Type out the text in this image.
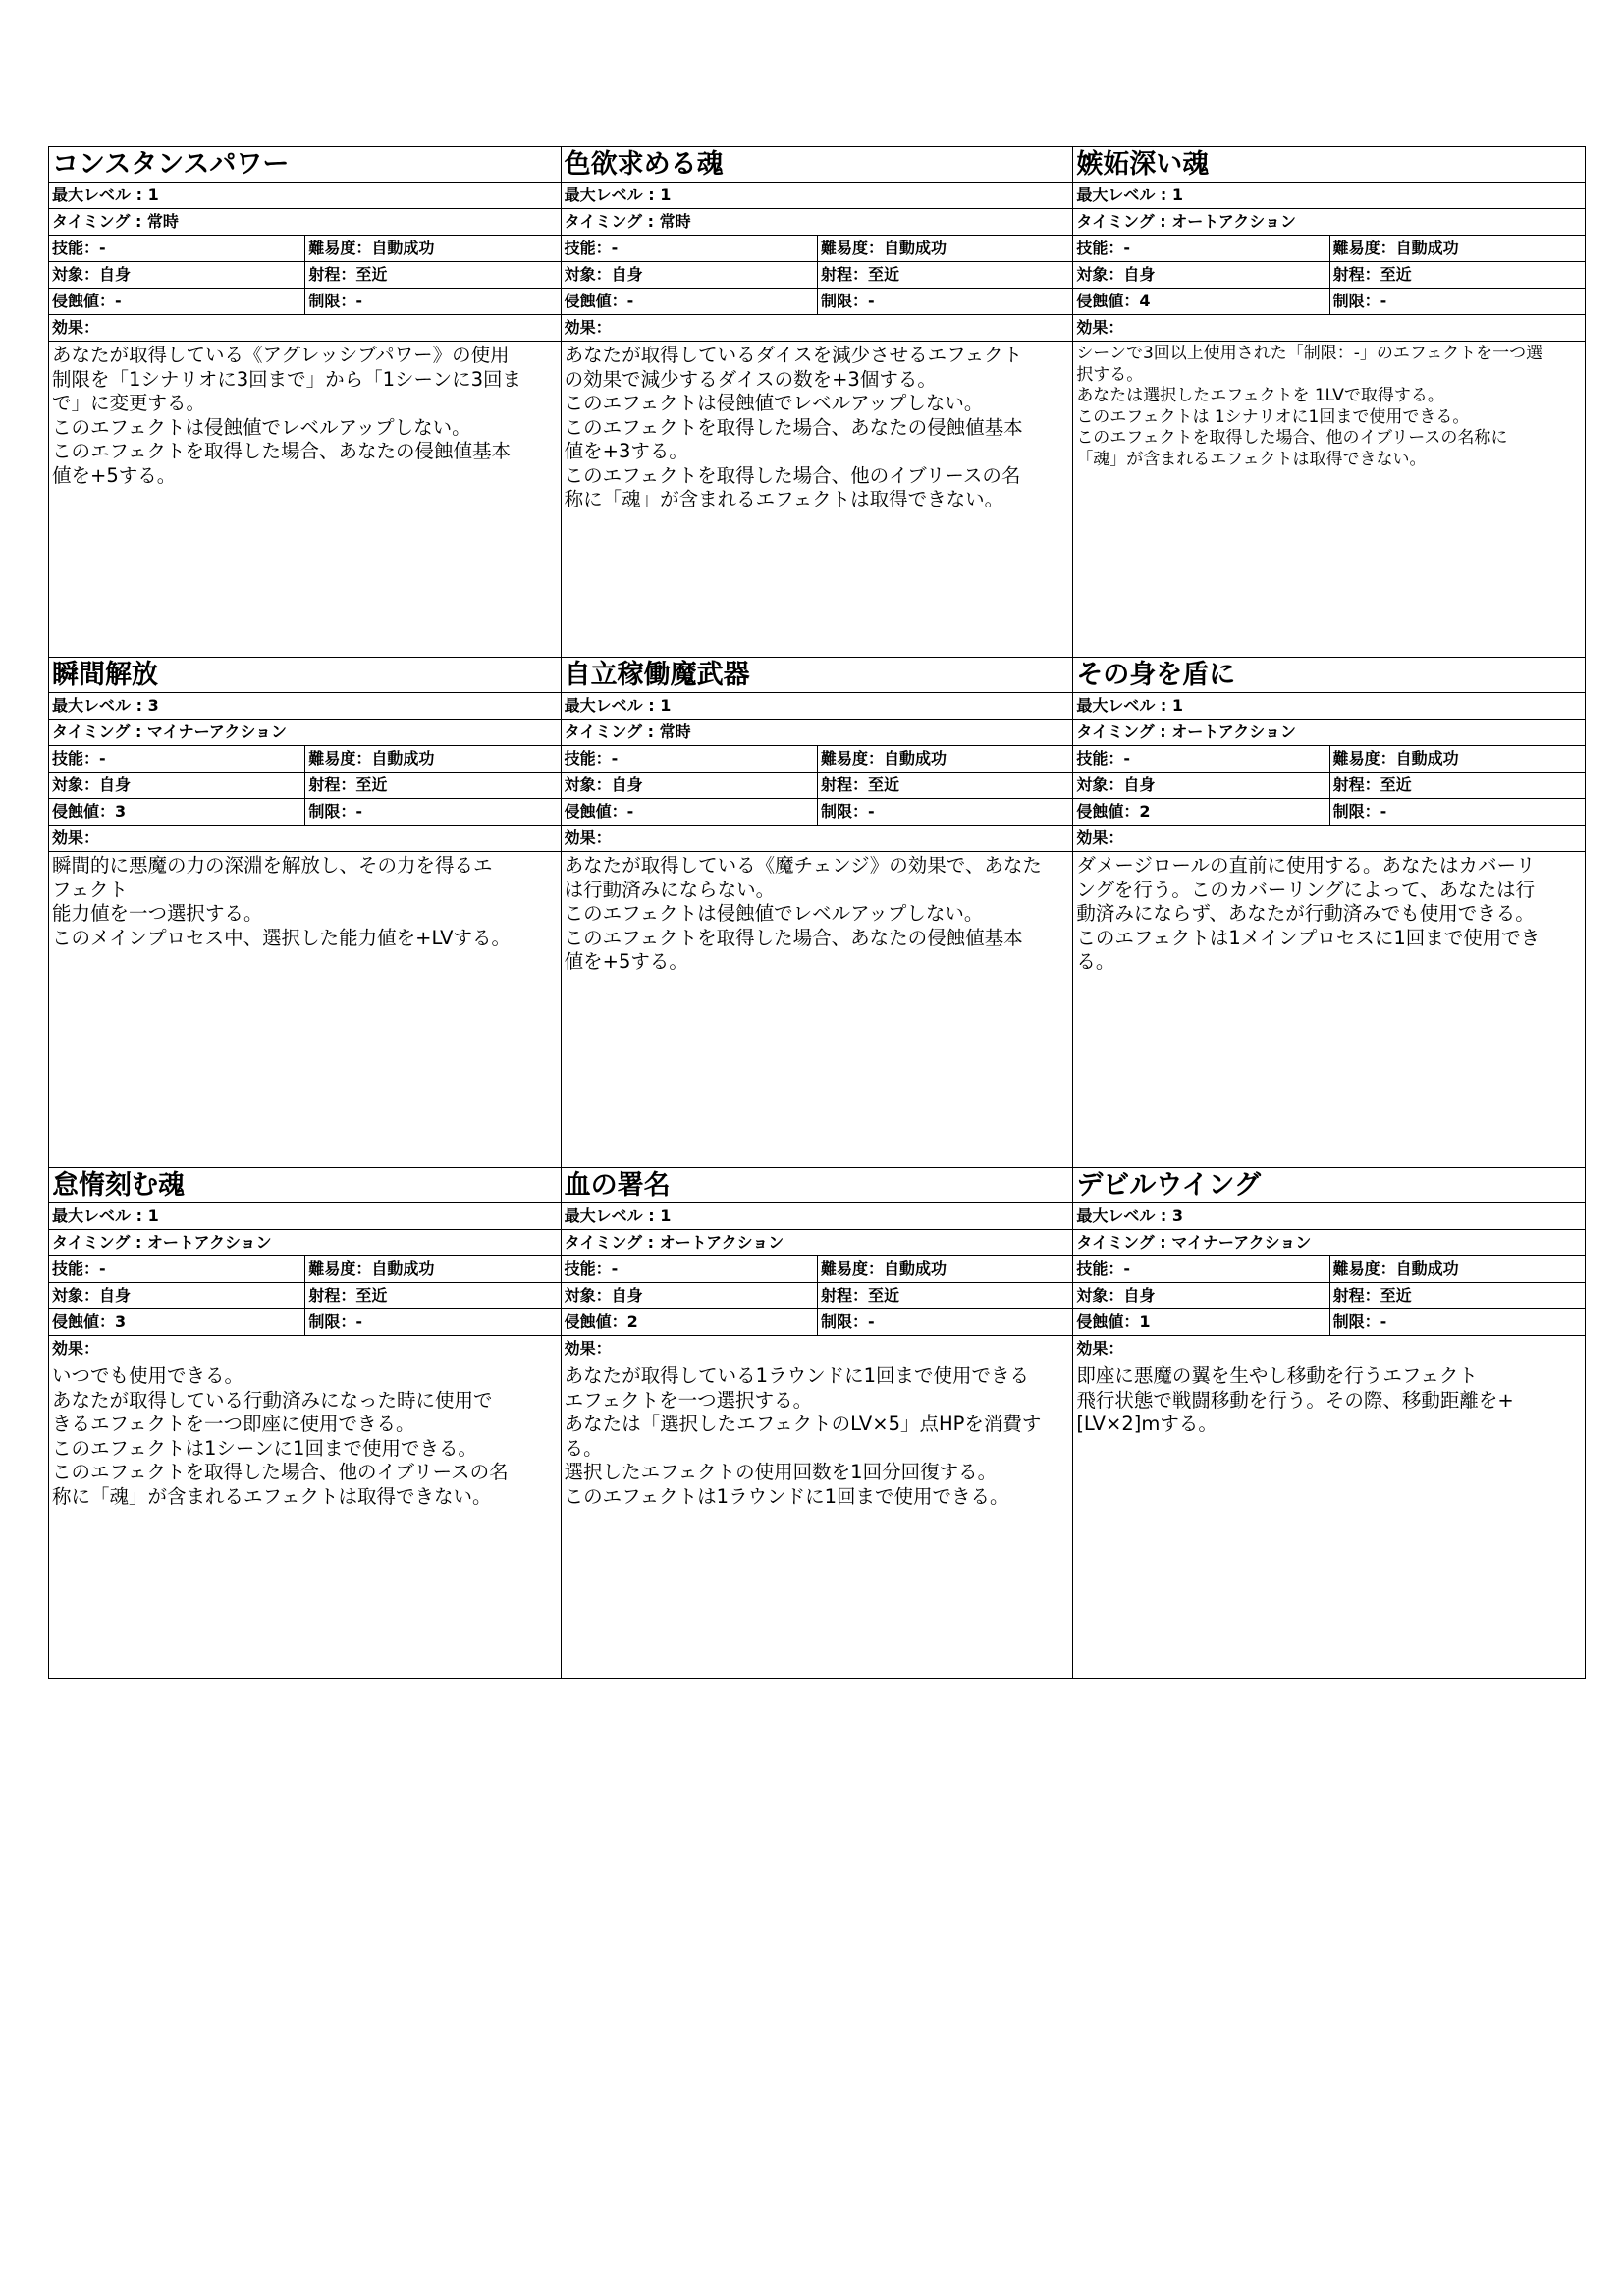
コンスタンスパワー
最大レベル : 1
タイミング : 常時
技能：-	難易度：自動成功
対象：自身	射程：至近
侵蝕値：-	制限：-
効果：

あなたが取得している《アグレッシブパワー》の使用

制限を「1シナリオに3回まで」から「1シーンに3回ま

で」に変更する。

このエフェクトは侵蝕値でレベルアップしない。

このエフェクトを取得した場合、あなたの侵蝕値基本

値を+5する。

色欲求める魂
最大レベル : 1
タイミング : 常時
技能：-	難易度：自動成功
対象：自身	射程：至近
侵蝕値：-	制限：-
効果：

あなたが取得しているダイスを減少させるエフェクト

の効果で減少するダイスの数を+3個する。

このエフェクトは侵蝕値でレベルアップしない。

このエフェクトを取得した場合、あなたの侵蝕値基本

値を+3する。

このエフェクトを取得した場合、他のイブリースの名

称に「魂」が含まれるエフェクトは取得できない。

嫉妬深い魂
最大レベル : 1
タイミング : オートアクション
技能：-	難易度：自動成功
対象：自身	射程：至近
侵蝕値：4	制限：-
効果：

シーンで3回以上使用された「制限：-」のエフェクトを一つ選

択する。

あなたは選択したエフェクトを 1LVで取得する。

このエフェクトは 1シナリオに1回まで使用できる。

このエフェクトを取得した場合、他のイブリースの名称に

「魂」が含まれるエフェクトは取得できない。

瞬間解放
最大レベル : 3
タイミング : マイナーアクション
技能：-	難易度：自動成功
対象：自身	射程：至近
侵蝕値：3	制限：-
効果：

瞬間的に悪魔の力の深淵を解放し、その力を得るエ

フェクト

能力値を一つ選択する。

このメインプロセス中、選択した能力値を+LVする。

自立稼働魔武器
最大レベル : 1
タイミング : 常時
技能：-	難易度：自動成功
対象：自身	射程：至近
侵蝕値：-	制限：-
効果：

あなたが取得している《魔チェンジ》の効果で、あなた

は行動済みにならない。

このエフェクトは侵蝕値でレベルアップしない。

このエフェクトを取得した場合、あなたの侵蝕値基本

値を+5する。

その身を盾に
最大レベル : 1
タイミング : オートアクション
技能：-	難易度：自動成功
対象：自身	射程：至近
侵蝕値：2	制限：-
効果：

ダメージロールの直前に使用する。あなたはカバーリ

ングを行う。このカバーリングによって、あなたは行

動済みにならず、あなたが行動済みでも使用できる。

このエフェクトは1メインプロセスに1回まで使用でき

る。

怠惰刻む魂
最大レベル : 1
タイミング : オートアクション
技能：-	難易度：自動成功
対象：自身	射程：至近
侵蝕値：3	制限：-
効果：

いつでも使用できる。

あなたが取得している行動済みになった時に使用で

きるエフェクトを一つ即座に使用できる。

このエフェクトは1シーンに1回まで使用できる。

このエフェクトを取得した場合、他のイブリースの名

称に「魂」が含まれるエフェクトは取得できない。

血の署名
最大レベル : 1
タイミング : オートアクション
技能：-	難易度：自動成功
対象：自身	射程：至近
侵蝕値：2	制限：-
効果：

あなたが取得している1ラウンドに1回まで使用できる

エフェクトを一つ選択する。

あなたは「選択したエフェクトのLV×5」点HPを消費す

る。

選択したエフェクトの使用回数を1回分回復する。

このエフェクトは1ラウンドに1回まで使用できる。

デビルウイング
最大レベル : 3
タイミング : マイナーアクション
技能：-	難易度：自動成功
対象：自身	射程：至近
侵蝕値：1	制限：-
効果：

即座に悪魔の翼を生やし移動を行うエフェクト

飛行状態で戦闘移動を行う。その際、移動距離を+

[LV×2]mする。
